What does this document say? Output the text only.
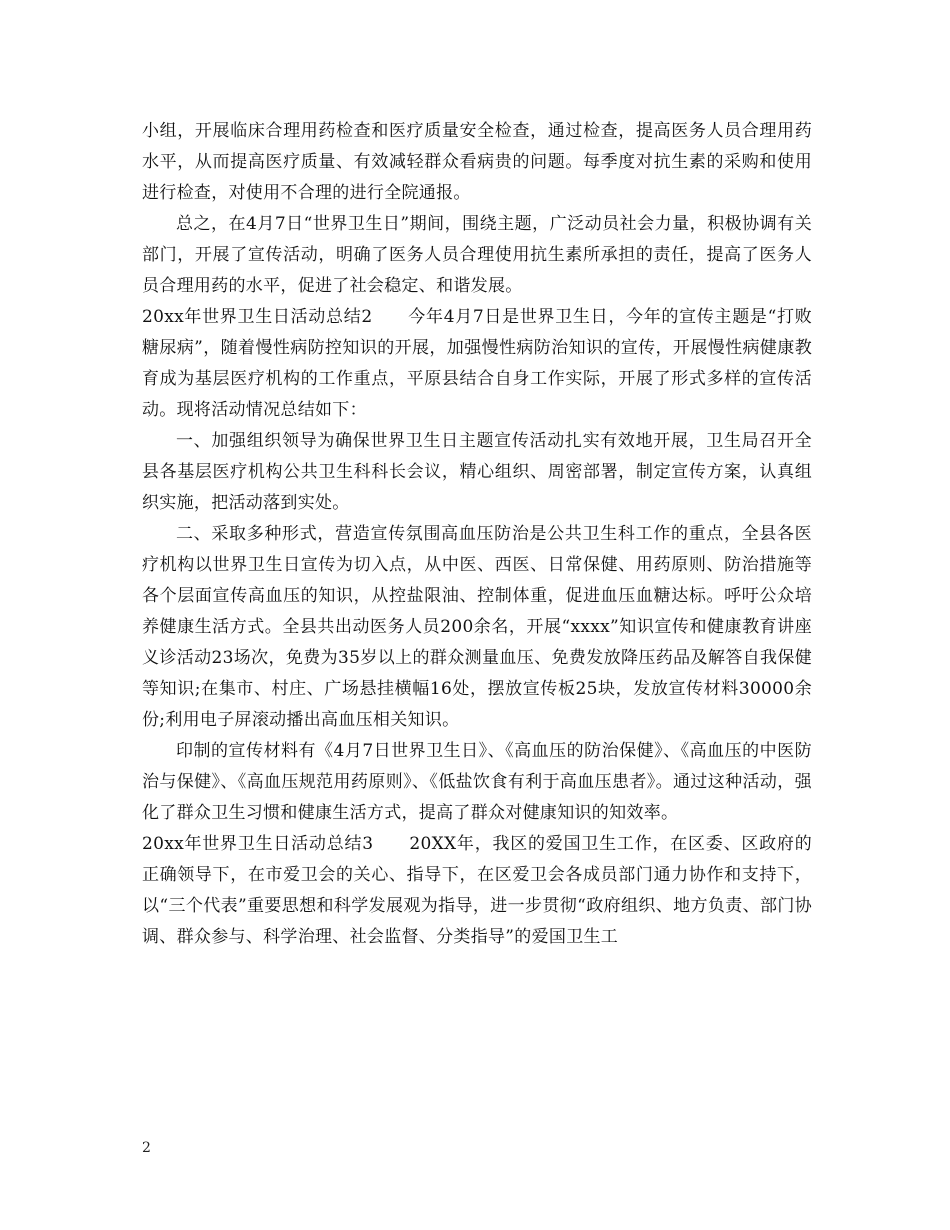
小组，开展临床合理用药检查和医疗质量安全检查，通过检查，提高医务人员合理用药水平，从而提高医疗质量、有效减轻群众看病贵的问题。每季度对抗生素的采购和使用进行检查，对使用不合理的进行全院通报。

总之，在4月7日“世界卫生日”期间，围绕主题，广泛动员社会力量，积极协调有关部门，开展了宣传活动，明确了医务人员合理使用抗生素所承担的责任，提高了医务人员合理用药的水平，促进了社会稳定、和谐发展。

20xx年世界卫生日活动总结2　　今年4月7日是世界卫生日，今年的宣传主题是“打败糖尿病”，随着慢性病防控知识的开展，加强慢性病防治知识的宣传，开展慢性病健康教育成为基层医疗机构的工作重点，平原县结合自身工作实际，开展了形式多样的宣传活动。现将活动情况总结如下：

一、加强组织领导为确保世界卫生日主题宣传活动扎实有效地开展，卫生局召开全县各基层医疗机构公共卫生科科长会议，精心组织、周密部署，制定宣传方案，认真组织实施，把活动落到实处。

二、采取多种形式，营造宣传氛围高血压防治是公共卫生科工作的重点，全县各医疗机构以世界卫生日宣传为切入点，从中医、西医、日常保健、用药原则、防治措施等各个层面宣传高血压的知识，从控盐限油、控制体重，促进血压血糖达标。呼吁公众培养健康生活方式。全县共出动医务人员200余名，开展“xxxx”知识宣传和健康教育讲座义诊活动23场次，免费为35岁以上的群众测量血压、免费发放降压药品及解答自我保健等知识;在集市、村庄、广场悬挂横幅16处，摆放宣传板25块，发放宣传材料30000余份;利用电子屏滚动播出高血压相关知识。

印制的宣传材料有《4月7日世界卫生日》、《高血压的防治保健》、《高血压的中医防治与保健》、《高血压规范用药原则》、《低盐饮食有利于高血压患者》。通过这种活动，强化了群众卫生习惯和健康生活方式，提高了群众对健康知识的知效率。

20xx年世界卫生日活动总结3　　20XX年，我区的爱国卫生工作，在区委、区政府的正确领导下，在市爱卫会的关心、指导下，在区爱卫会各成员部门通力协作和支持下，以“三个代表”重要思想和科学发展观为指导，进一步贯彻“政府组织、地方负责、部门协调、群众参与、科学治理、社会监督、分类指导”的爱国卫生工

2
